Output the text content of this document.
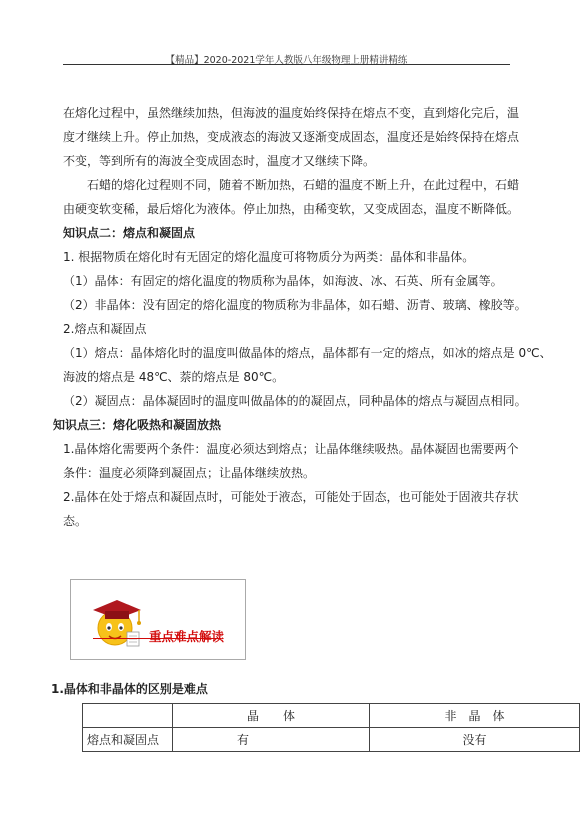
【精品】2020-2021学年人教版八年级物理上册精讲精练

在熔化过程中，虽然继续加热，但海波的温度始终保持在熔点不变，直到熔化完后，温

度才继续上升。停止加热，变成液态的海波又逐渐变成固态，温度还是始终保持在熔点

不变，等到所有的海波全变成固态时，温度才又继续下降。

石蜡的熔化过程则不同，随着不断加热，石蜡的温度不断上升，在此过程中，石蜡

由硬变软变稀，最后熔化为液体。停止加热，由稀变软，又变成固态，温度不断降低。

知识点二：熔点和凝固点

1. 根据物质在熔化时有无固定的熔化温度可将物质分为两类：晶体和非晶体。

（1）晶体：有固定的熔化温度的物质称为晶体，如海波、冰、石英、所有金属等。

（2）非晶体：没有固定的熔化温度的物质称为非晶体，如石蜡、沥青、玻璃、橡胶等。

2.熔点和凝固点

（1）熔点：晶体熔化时的温度叫做晶体的熔点，晶体都有一定的熔点，如冰的熔点是 0℃、

海波的熔点是 48℃、萘的熔点是 80℃。

（2）凝固点：晶体凝固时的温度叫做晶体的的凝固点，同种晶体的熔点与凝固点相同。

知识点三：熔化吸热和凝固放热

1.晶体熔化需要两个条件：温度必须达到熔点；让晶体继续吸热。晶体凝固也需要两个

条件：温度必须降到凝固点；让晶体继续放热。

2.晶体在处于熔点和凝固点时，可能处于液态，可能处于固态，也可能处于固液共存状

态。

重点难点解读
1.晶体和非晶体的区别是难点
	晶　　体	非　晶　体
熔点和凝固点	有	没有
